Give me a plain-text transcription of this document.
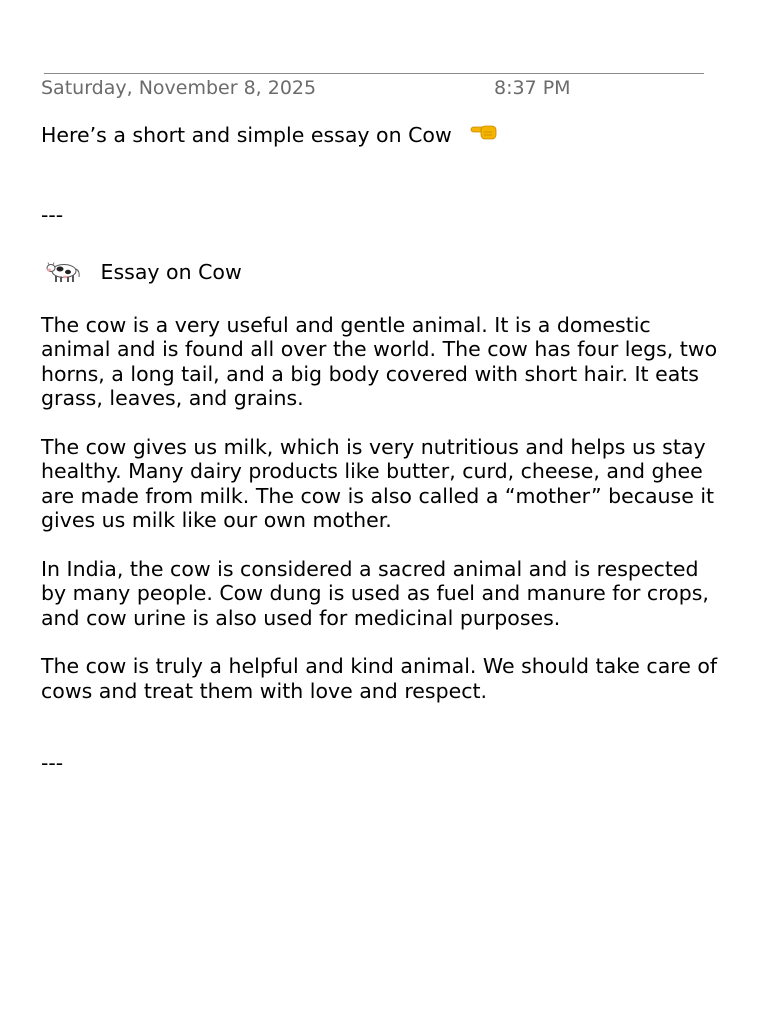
Saturday, November 8, 2025	8:37 PM

Here’s a short and simple essay on Cow

---

Essay on Cow

The cow is a very useful and gentle animal. It is a domestic animal and is found all over the world. The cow has four legs, two horns, a long tail, and a big body covered with short hair. It eats grass, leaves, and grains.

The cow gives us milk, which is very nutritious and helps us stay healthy. Many dairy products like butter, curd, cheese, and ghee are made from milk. The cow is also called a “mother” because it gives us milk like our own mother.

In India, the cow is considered a sacred animal and is respected by many people. Cow dung is used as fuel and manure for crops, and cow urine is also used for medicinal purposes.

The cow is truly a helpful and kind animal. We should take care of cows and treat them with love and respect.

---
